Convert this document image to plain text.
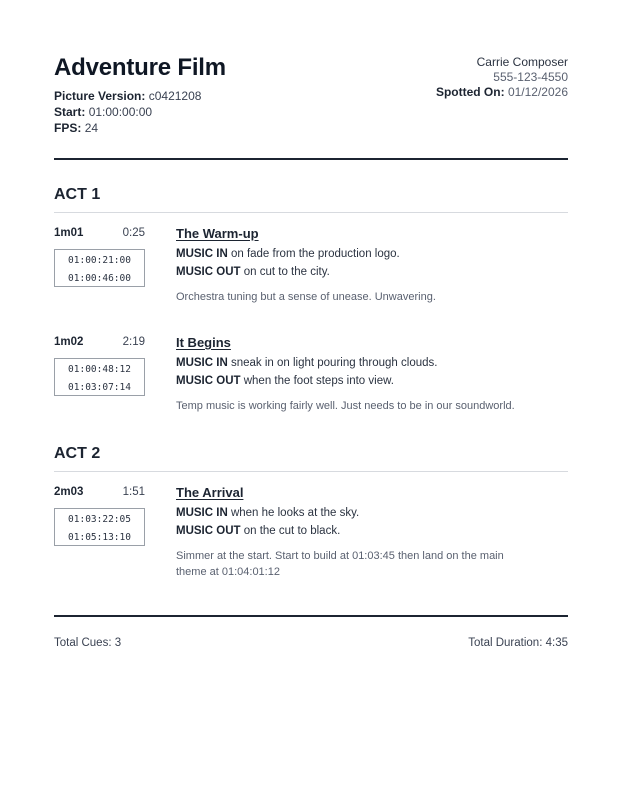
Adventure Film
Picture Version: c0421208
Start: 01:00:00:00
FPS: 24
Carrie Composer
555-123-4550
Spotted On: 01/12/2026
ACT 1
1m01	0:25
01:00:21:00
01:00:46:00
The Warm-up
MUSIC IN on fade from the production logo.
MUSIC OUT on cut to the city.
Orchestra tuning but a sense of unease. Unwavering.
1m02	2:19
01:00:48:12
01:03:07:14
It Begins
MUSIC IN sneak in on light pouring through clouds.
MUSIC OUT when the foot steps into view.
Temp music is working fairly well. Just needs to be in our soundworld.
ACT 2
2m03	1:51
01:03:22:05
01:05:13:10
The Arrival
MUSIC IN when he looks at the sky.
MUSIC OUT on the cut to black.
Simmer at the start. Start to build at 01:03:45 then land on the main theme at 01:04:01:12
Total Cues: 3	Total Duration: 4:35
